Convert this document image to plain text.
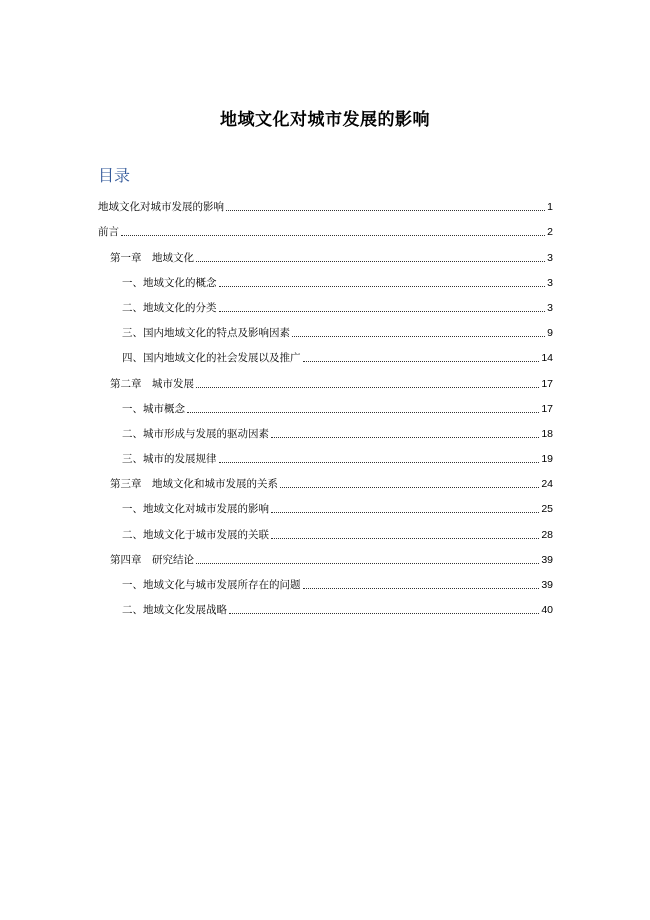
地域文化对城市发展的影响
目录
地域文化对城市发展的影响	1
前言	2
第一章　地域文化	3
一、地域文化的概念	3
二、地域文化的分类	3
三、国内地域文化的特点及影响因素	9
四、国内地域文化的社会发展以及推广	14
第二章　城市发展	17
一、城市概念	17
二、城市形成与发展的驱动因素	18
三、城市的发展规律	19
第三章　地域文化和城市发展的关系	24
一、地域文化对城市发展的影响	25
二、地域文化于城市发展的关联	28
第四章　研究结论	39
一、地域文化与城市发展所存在的问题	39
二、地域文化发展战略	40
